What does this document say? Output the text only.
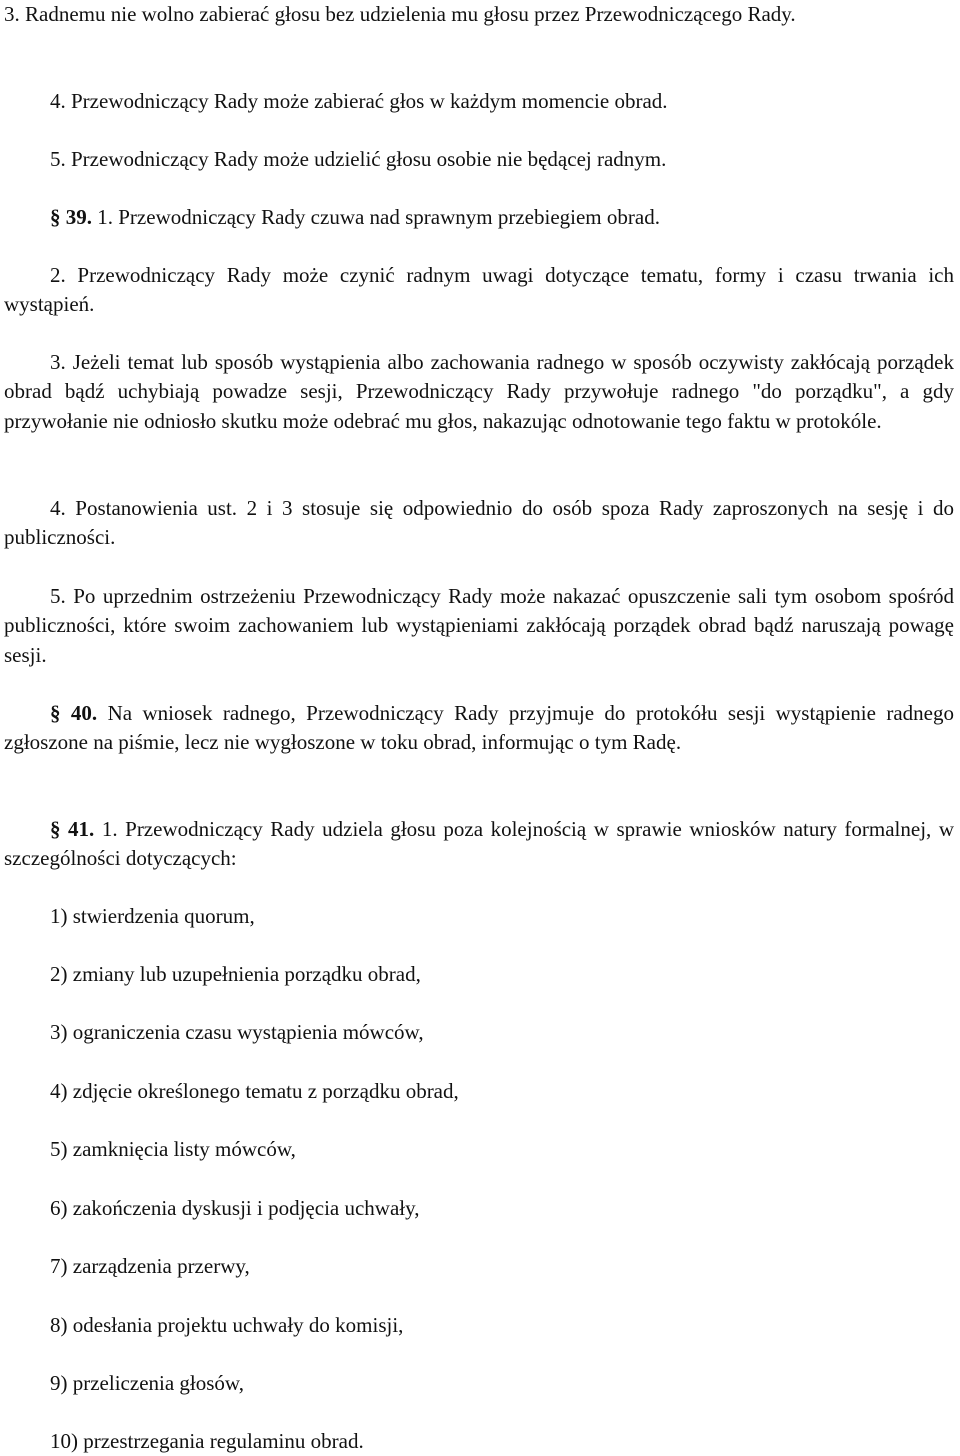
3. Radnemu nie wolno zabierać głosu bez udzielenia mu głosu przez Przewodniczącego Rady.

4. Przewodniczący Rady może zabierać głos w każdym momencie obrad.

5. Przewodniczący Rady może udzielić głosu osobie nie będącej radnym.

§ 39. 1. Przewodniczący Rady czuwa nad sprawnym przebiegiem obrad.

2. Przewodniczący Rady może czynić radnym uwagi dotyczące tematu, formy i czasu trwania ich wystąpień.

3. Jeżeli temat lub sposób wystąpienia albo zachowania radnego w sposób oczywisty zakłócają porządek obrad bądź uchybiają powadze sesji, Przewodniczący Rady przywołuje radnego "do porządku", a gdy przywołanie nie odniosło skutku może odebrać mu głos, nakazując odnotowanie tego faktu w protokóle.

4. Postanowienia ust. 2 i 3 stosuje się odpowiednio do osób spoza Rady zaproszonych na sesję i do publiczności.

5. Po uprzednim ostrzeżeniu Przewodniczący Rady może nakazać opuszczenie sali tym osobom spośród publiczności, które swoim zachowaniem lub wystąpieniami zakłócają porządek obrad bądź naruszają powagę sesji.

§ 40. Na wniosek radnego, Przewodniczący Rady przyjmuje do protokółu sesji wystąpienie radnego zgłoszone na piśmie, lecz nie wygłoszone w toku obrad, informując o tym Radę.

§ 41. 1. Przewodniczący Rady udziela głosu poza kolejnością w sprawie wniosków natury formalnej, w szczególności dotyczących:

1) stwierdzenia quorum,

2) zmiany lub uzupełnienia porządku obrad,

3) ograniczenia czasu wystąpienia mówców,

4) zdjęcie określonego tematu z porządku obrad,

5) zamknięcia listy mówców,

6) zakończenia dyskusji i podjęcia uchwały,

7) zarządzenia przerwy,

8) odesłania projektu uchwały do komisji,

9) przeliczenia głosów,

10) przestrzegania regulaminu obrad.
